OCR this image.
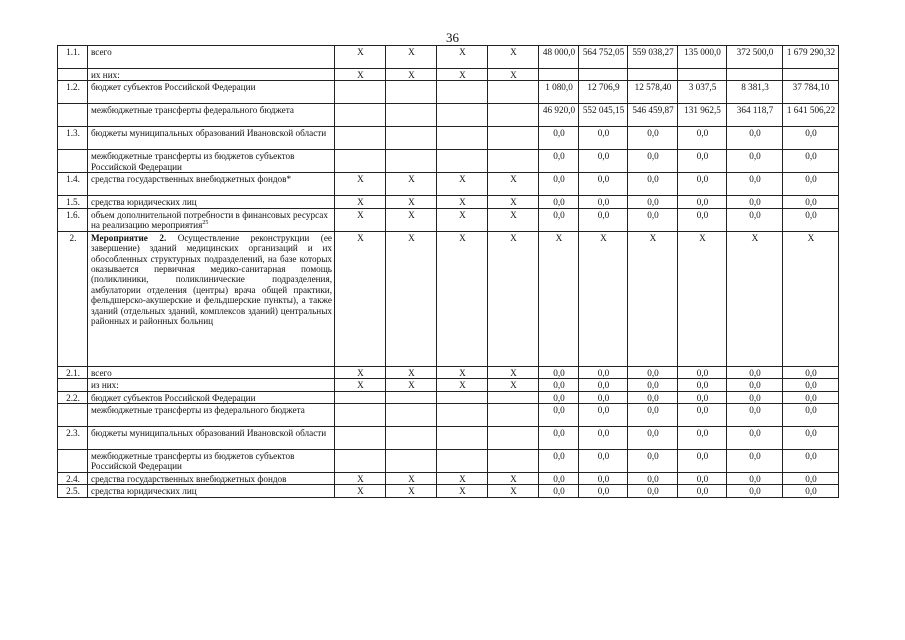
36
1.1.	всего	X	X	X	X	48 000,0	564 752,05	559 038,27	135 000,0	372 500,0	1 679 290,32
	их них:	X	X	X	X						
1.2.	бюджет субъектов Российской Федерации					1 080,0	12 706,9	12 578,40	3 037,5	8 381,3	37 784,10
	межбюджетные трансферты федерального бюджета					46 920,0	552 045,15	546 459,87	131 962,5	364 118,7	1 641 506,22
1.3.	бюджеты муниципальных образований Ивановской области					0,0	0,0	0,0	0,0	0,0	0,0
	межбюджетные трансферты из бюджетов субъектов Российской Федерации					0,0	0,0	0,0	0,0	0,0	0,0
1.4.	средства государственных внебюджетных фондов*	X	X	X	X	0,0	0,0	0,0	0,0	0,0	0,0
1.5.	средства юридических лиц	X	X	X	X	0,0	0,0	0,0	0,0	0,0	0,0
1.6.	объем дополнительной потребности в финансовых ресурсах на реализацию мероприятия$^{25}$	X	X	X	X	0,0	0,0	0,0	0,0	0,0	0,0
2.	Мероприятие 2. Осуществление реконструкции (ее завершение) зданий медицинских организаций и их обособленных структурных подразделений, на базе которых оказывается первичная медико-санитарная помощь (поликлиники, поликлинические подразделения, амбулатории отделения (центры) врача общей практики, фельдшерско-акушерские и фельдшерские пункты), а также зданий (отдельных зданий, комплексов зданий) центральных районных и районных больниц	X	X	X	X	X	X	X	X	X	X
2.1.	всего	X	X	X	X	0,0	0,0	0,0	0,0	0,0	0,0
	из них:	X	X	X	X	0,0	0,0	0,0	0,0	0,0	0,0
2.2.	бюджет субъектов Российской Федерации					0,0	0,0	0,0	0,0	0,0	0,0
	межбюджетные трансферты из федерального бюджета					0,0	0,0	0,0	0,0	0,0	0,0
2.3.	бюджеты муниципальных образований Ивановской области					0,0	0,0	0,0	0,0	0,0	0,0
	межбюджетные трансферты из бюджетов субъектов Российской Федерации					0,0	0,0	0,0	0,0	0,0	0,0
2.4.	средства государственных внебюджетных фондов	X	X	X	X	0,0	0,0	0,0	0,0	0,0	0,0
2.5.	средства юридических лиц	X	X	X	X	0,0	0,0	0,0	0,0	0,0	0,0
